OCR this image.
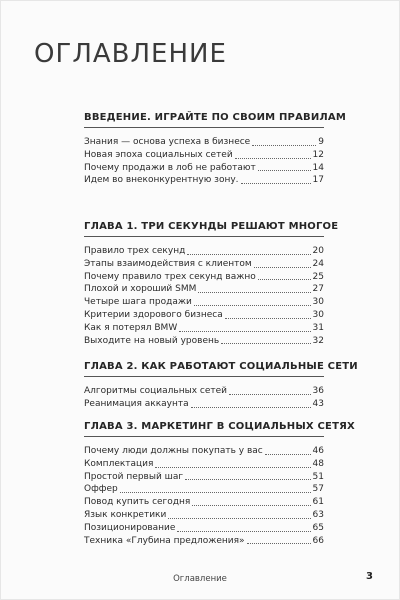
ОГЛАВЛЕНИЕ
ВВЕДЕНИЕ. ИГРАЙТЕ ПО СВОИМ ПРАВИЛАМ
Знания — основа успеха в бизнесе	9
Новая эпоха социальных сетей	12
Почему продажи в лоб не работают	14
Идем во внеконкурентную зону.	17
ГЛАВА 1. ТРИ СЕКУНДЫ РЕШАЮТ МНОГОЕ
Правило трех секунд	20
Этапы взаимодействия с клиентом	24
Почему правило трех секунд важно	25
Плохой и хороший SMM	27
Четыре шага продажи	30
Критерии здорового бизнеса	30
Как я потерял BMW	31
Выходите на новый уровень	32
ГЛАВА 2. КАК РАБОТАЮТ СОЦИАЛЬНЫЕ СЕТИ
Алгоритмы социальных сетей	36
Реанимация аккаунта	43
ГЛАВА 3. МАРКЕТИНГ В СОЦИАЛЬНЫХ СЕТЯХ
Почему люди должны покупать у вас	46
Комплектация	48
Простой первый шаг	51
Оффер	57
Повод купить сегодня	61
Язык конкретики	63
Позиционирование	65
Техника «Глубина предложения»	66
Оглавление	3
